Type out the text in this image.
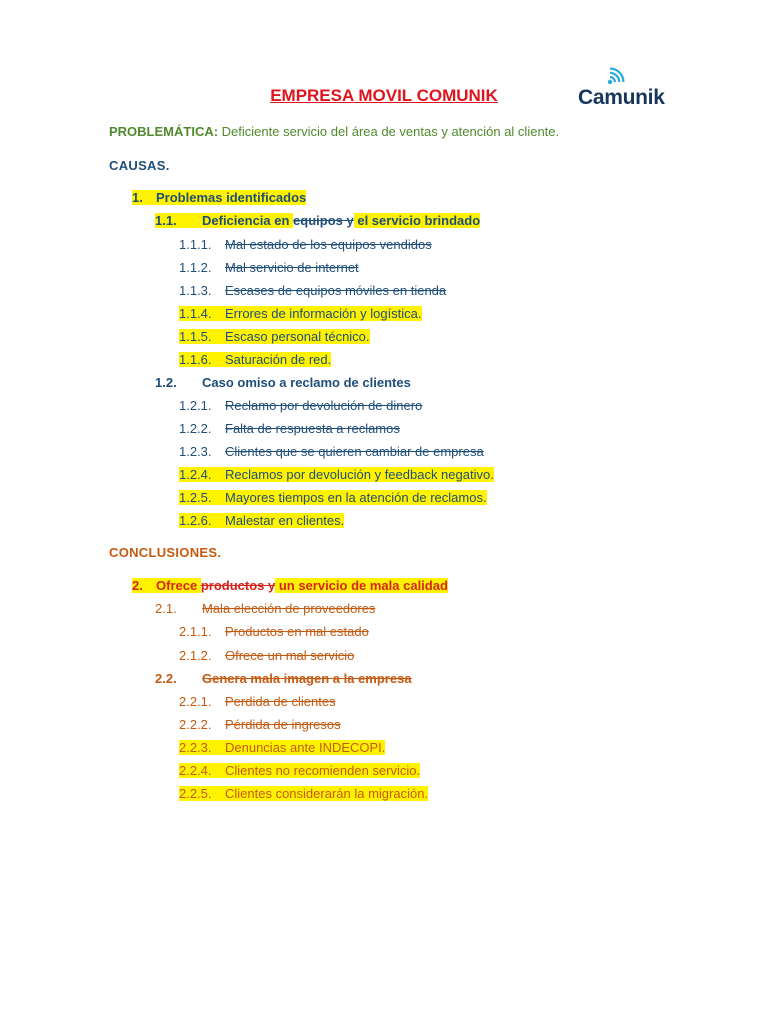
EMPRESA MOVIL COMUNIK	Camunik
PROBLEMÁTICA: Deficiente servicio del área de ventas y atención al cliente.
CAUSAS.
1. Problemas identificados
1.1. Deficiencia en equipos y el servicio brindado
1.1.1. Mal estado de los equipos vendidos
1.1.2. Mal servicio de internet
1.1.3. Escases de equipos móviles en tienda
1.1.4. Errores de información y logística.
1.1.5. Escaso personal técnico.
1.1.6. Saturación de red.
1.2. Caso omiso a reclamo de clientes
1.2.1. Reclamo por devolución de dinero
1.2.2. Falta de respuesta a reclamos
1.2.3. Clientes que se quieren cambiar de empresa
1.2.4. Reclamos por devolución y feedback negativo.
1.2.5. Mayores tiempos en la atención de reclamos.
1.2.6. Malestar en clientes.
CONCLUSIONES.
2. Ofrece productos y un servicio de mala calidad
2.1. Mala elección de proveedores
2.1.1. Productos en mal estado
2.1.2. Ofrece un mal servicio
2.2. Genera mala imagen a la empresa
2.2.1. Perdida de clientes
2.2.2. Pérdida de ingresos
2.2.3. Denuncias ante INDECOPI.
2.2.4. Clientes no recomienden servicio.
2.2.5. Clientes considerarán la migración.
